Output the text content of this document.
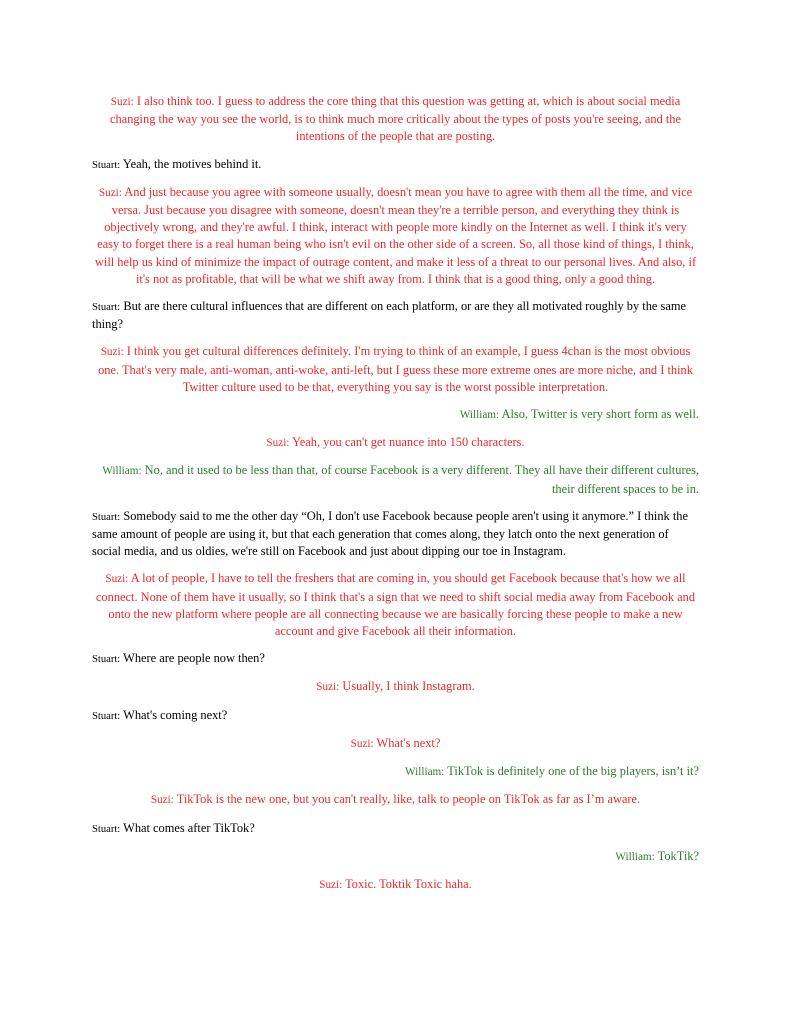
Suzi: I also think too. I guess to address the core thing that this question was getting at, which is about social media changing the way you see the world, is to think much more critically about the types of posts you're seeing, and the intentions of the people that are posting.

Stuart: Yeah, the motives behind it.

Suzi: And just because you agree with someone usually, doesn't mean you have to agree with them all the time, and vice versa. Just because you disagree with someone, doesn't mean they're a terrible person, and everything they think is objectively wrong, and they're awful. I think, interact with people more kindly on the Internet as well. I think it's very easy to forget there is a real human being who isn't evil on the other side of a screen. So, all those kind of things, I think, will help us kind of minimize the impact of outrage content, and make it less of a threat to our personal lives. And also, if it's not as profitable, that will be what we shift away from. I think that is a good thing, only a good thing.

Stuart: But are there cultural influences that are different on each platform, or are they all motivated roughly by the same thing?

Suzi: I think you get cultural differences definitely. I'm trying to think of an example, I guess 4chan is the most obvious one. That's very male, anti-woman, anti-woke, anti-left, but I guess these more extreme ones are more niche, and I think Twitter culture used to be that, everything you say is the worst possible interpretation.

William: Also, Twitter is very short form as well.

Suzi: Yeah, you can't get nuance into 150 characters.

William: No, and it used to be less than that, of course Facebook is a very different. They all have their different cultures, their different spaces to be in.

Stuart: Somebody said to me the other day “Oh, I don't use Facebook because people aren't using it anymore.” I think the same amount of people are using it, but that each generation that comes along, they latch onto the next generation of social media, and us oldies, we're still on Facebook and just about dipping our toe in Instagram.

Suzi: A lot of people, I have to tell the freshers that are coming in, you should get Facebook because that's how we all connect. None of them have it usually, so I think that's a sign that we need to shift social media away from Facebook and onto the new platform where people are all connecting because we are basically forcing these people to make a new account and give Facebook all their information.

Stuart: Where are people now then?

Suzi: Usually, I think Instagram.

Stuart: What's coming next?

Suzi: What's next?

William: TikTok is definitely one of the big players, isn’t it?

Suzi: TikTok is the new one, but you can't really, like, talk to people on TikTok as far as I’m aware.

Stuart: What comes after TikTok?

William: TokTik?

Suzi: Toxic. Toktik Toxic haha.
